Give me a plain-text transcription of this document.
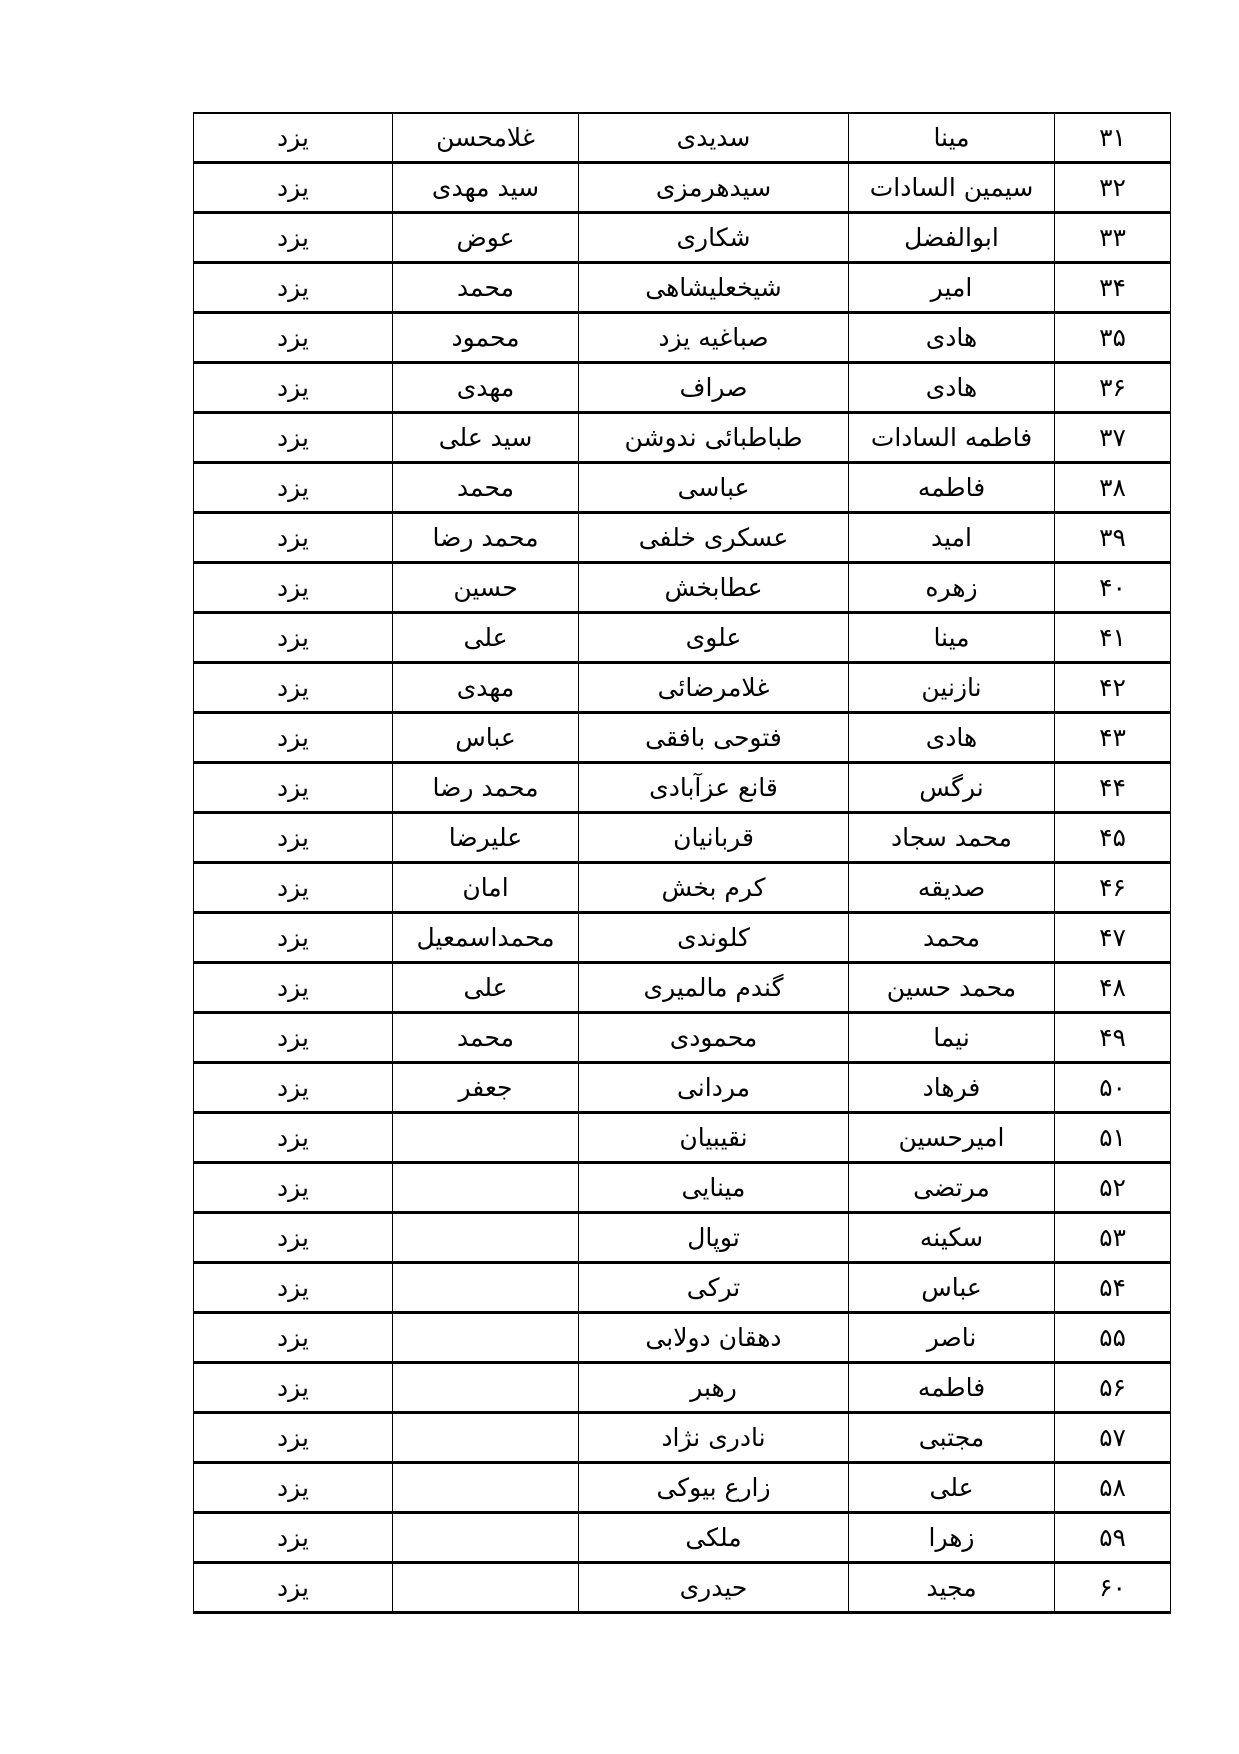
۳۱	مینا	سدیدی	غلامحسن	یزد
۳۲	سیمین السادات	سیدهرمزی	سید مهدی	یزد
۳۳	ابوالفضل	شکاری	عوض	یزد
۳۴	امیر	شیخعلیشاهی	محمد	یزد
۳۵	هادی	صباغیه یزد	محمود	یزد
۳۶	هادی	صراف	مهدی	یزد
۳۷	فاطمه السادات	طباطبائی ندوشن	سید علی	یزد
۳۸	فاطمه	عباسی	محمد	یزد
۳۹	امید	عسکری خلفی	محمد رضا	یزد
۴۰	زهره	عطابخش	حسین	یزد
۴۱	مینا	علوی	علی	یزد
۴۲	نازنین	غلامرضائی	مهدی	یزد
۴۳	هادی	فتوحی بافقی	عباس	یزد
۴۴	نرگس	قانع عزآبادی	محمد رضا	یزد
۴۵	محمد سجاد	قربانیان	علیرضا	یزد
۴۶	صدیقه	کرم بخش	امان	یزد
۴۷	محمد	کلوندی	محمداسمعیل	یزد
۴۸	محمد حسین	گندم مالمیری	علی	یزد
۴۹	نیما	محمودی	محمد	یزد
۵۰	فرهاد	مردانی	جعفر	یزد
۵۱	امیرحسین	نقیبیان		یزد
۵۲	مرتضی	مینایی		یزد
۵۳	سکینه	توپال		یزد
۵۴	عباس	ترکی		یزد
۵۵	ناصر	دهقان دولابی		یزد
۵۶	فاطمه	رهبر		یزد
۵۷	مجتبی	نادری نژاد		یزد
۵۸	علی	زارع بیوکی		یزد
۵۹	زهرا	ملکی		یزد
۶۰	مجید	حیدری		یزد
